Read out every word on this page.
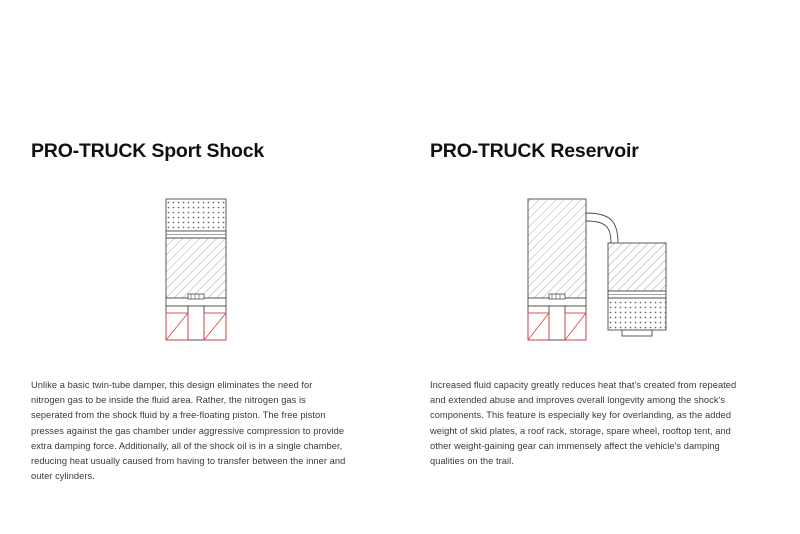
PRO-TRUCK Sport Shock

Unlike a basic twin-tube damper, this design eliminates the need for nitrogen gas to be inside the fluid area. Rather, the nitrogen gas is seperated from the shock fluid by a free-floating piston. The free piston presses against the gas chamber under aggressive compression to provide extra damping force. Additionally, all of the shock oil is in a single chamber, reducing heat usually caused from having to transfer between the inner and outer cylinders.

PRO-TRUCK Reservoir

Increased fluid capacity greatly reduces heat that's created from repeated and extended abuse and improves overall longevity among the shock's components. This feature is especially key for overlanding, as the added weight of skid plates, a roof rack, storage, spare wheel, rooftop tent, and other weight-gaining gear can immensely affect the vehicle's damping qualities on the trail.
